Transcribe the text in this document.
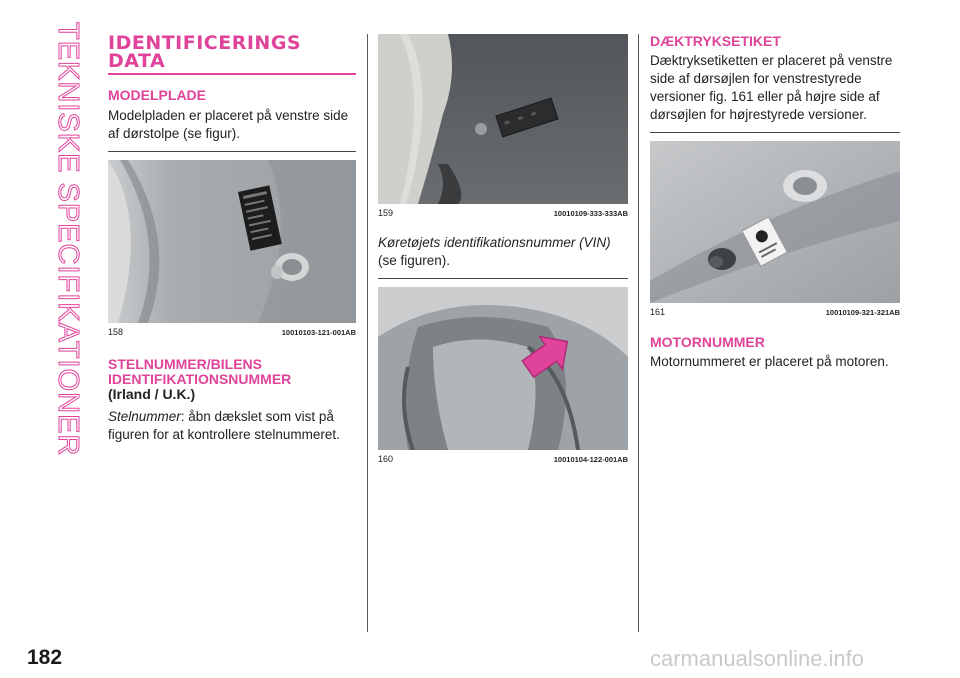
TEKNISKE SPECIFIKATIONER IDENTIFICERINGS
DATA
MODELPLADE

Modelpladen er placeret på venstre side af dørstolpe (se figur).

158	10010103-121-001AB
STELNUMMER/BILENS
IDENTIFIKATIONSNUMMER

(Irland / U.K.)

Stelnummer: åbn dækslet som vist på figuren for at kontrollere stelnummeret.

159	10010109-333-333AB

Køretøjets identifikationsnummer (VIN)

(se figuren).

160	10010104-122-001AB
DÆKTRYKSETIKET

Dæktryksetiketten er placeret på venstre side af dørsøjlen for venstrestyrede versioner fig. 161 eller på højre side af dørsøjlen for højrestyrede versioner.

161	10010109-321-321AB
MOTORNUMMER

Motornummeret er placeret på motoren.

182	carmanualsonline.info
